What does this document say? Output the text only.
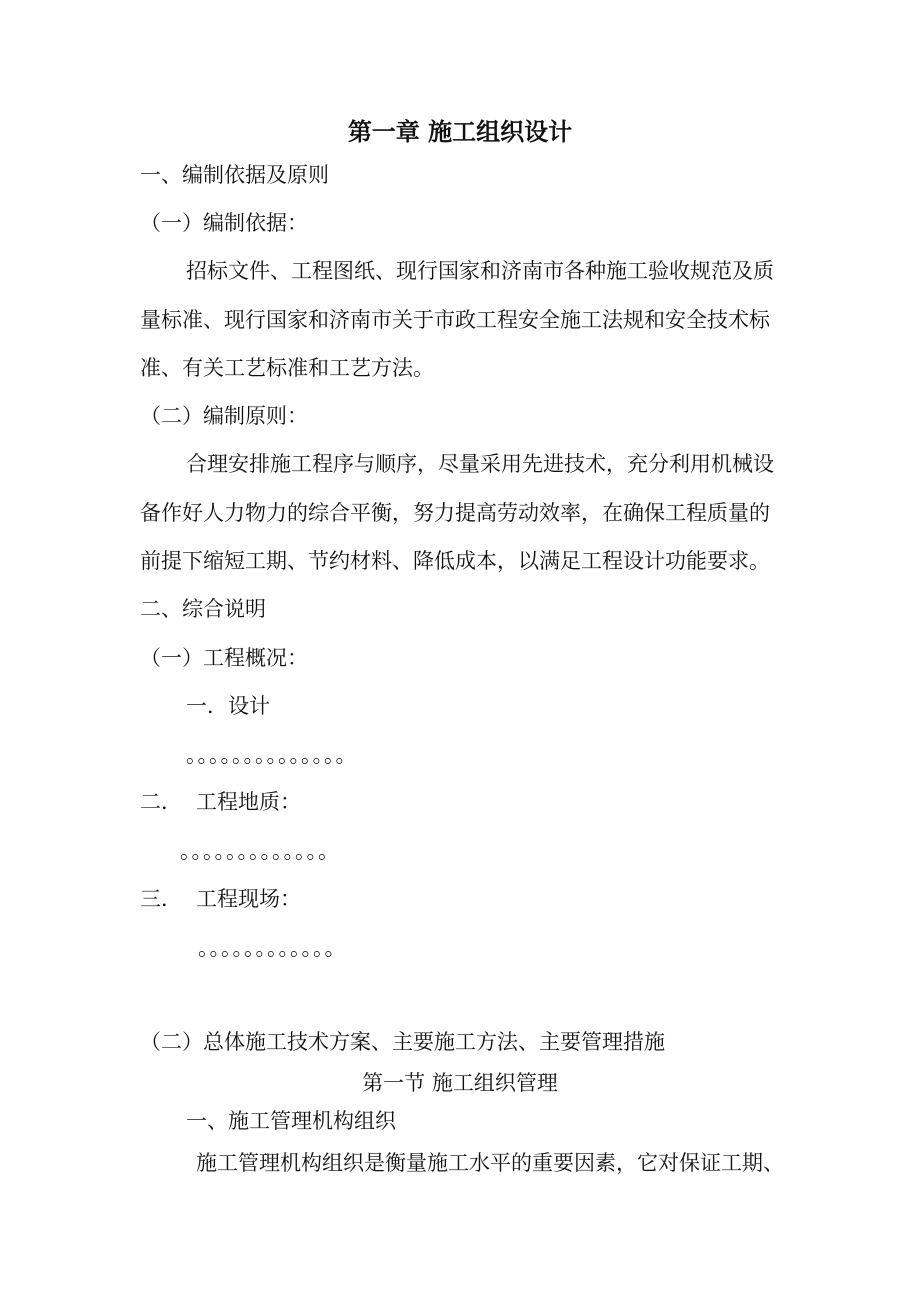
第一章 施工组织设计
一、编制依据及原则
（一）编制依据：
招标文件、工程图纸、现行国家和济南市各种施工验收规范及质
量标准、现行国家和济南市关于市政工程安全施工法规和安全技术标
准、有关工艺标准和工艺方法。
（二）编制原则：
合理安排施工程序与顺序，尽量采用先进技术，充分利用机械设
备作好人力物力的综合平衡，努力提高劳动效率，在确保工程质量的
前提下缩短工期、节约材料、降低成本，以满足工程设计功能要求。
二、综合说明
（一）工程概况：
一．设计
。。。。。。。。。。。。。。
二． 工程地质：
。。。。。。。。。。。。。
三． 工程现场：
。。。。。。。。。。。。
（二）总体施工技术方案、主要施工方法、主要管理措施
第一节 施工组织管理
一、施工管理机构组织
施工管理机构组织是衡量施工水平的重要因素，它对保证工期、
